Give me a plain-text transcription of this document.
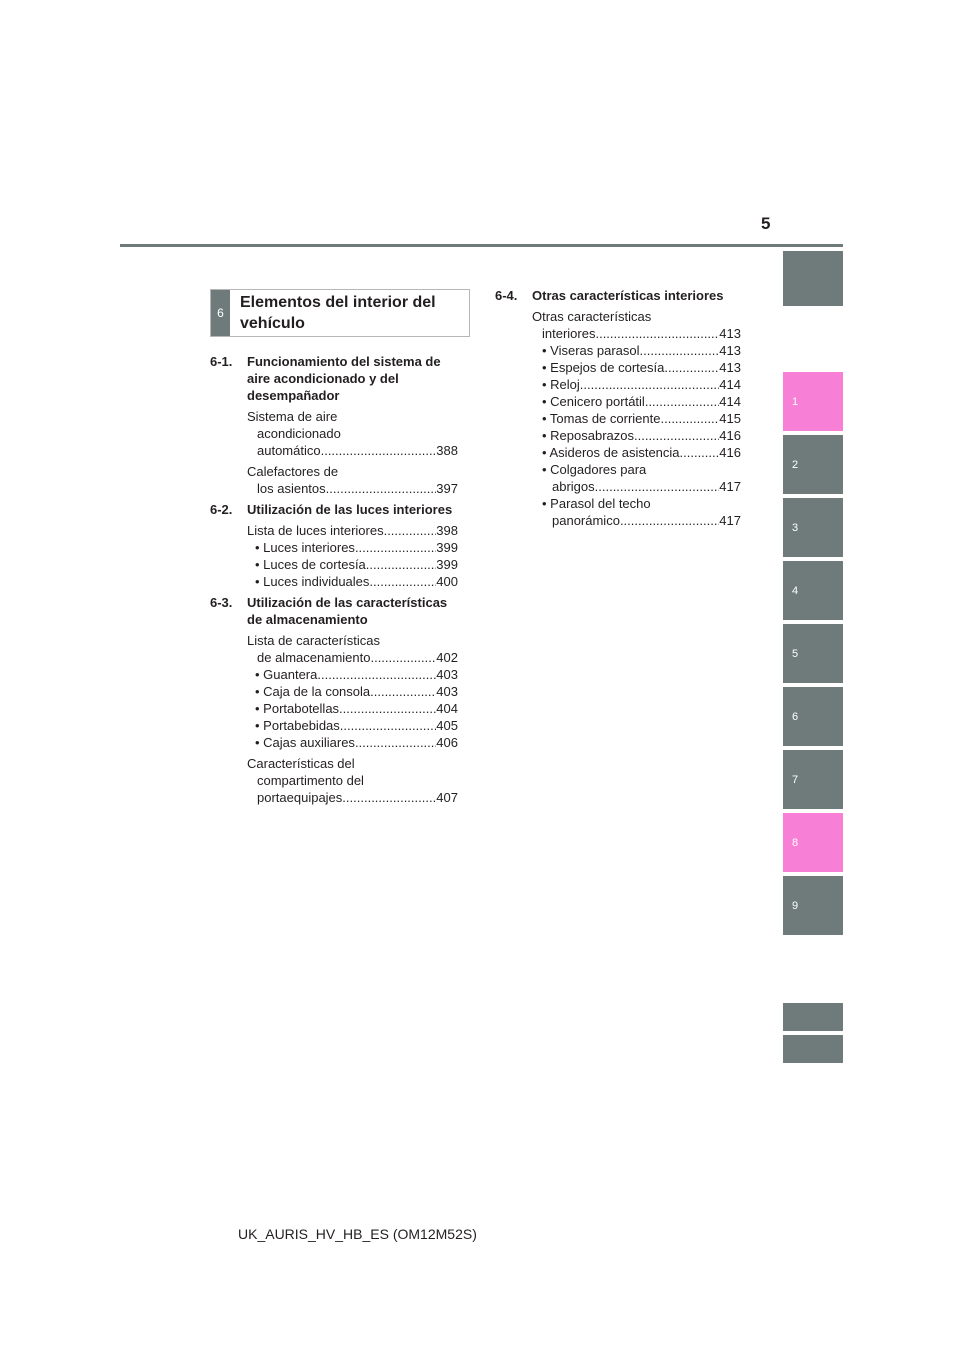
5
1
2
3
4
5
6
7
8
9
6
Elementos del interior del vehículo
6-1.	Funcionamiento del sistema de aire acondicionado y del desempañador
Sistema de aire
acondicionado
automático .....	388
Calefactores de
los asientos .....	397
6-2.	Utilización de las luces interiores
Lista de luces interiores .....	398
• Luces interiores .....	399
• Luces de cortesía .....	399
• Luces individuales .....	400
6-3.	Utilización de las características de almacenamiento
Lista de características
de almacenamiento .....	402
• Guantera .....	403
• Caja de la consola .....	403
• Portabotellas .....	404
• Portabebidas .....	405
• Cajas auxiliares .....	406
Características del
compartimento del
portaequipajes .....	407
6-4.	Otras características interiores
Otras características
interiores .....	413
• Viseras parasol .....	413
• Espejos de cortesía .....	413
• Reloj .....	414
• Cenicero portátil .....	414
• Tomas de corriente .....	415
• Reposabrazos .....	416
• Asideros de asistencia .....	416
• Colgadores para
abrigos .....	417
• Parasol del techo
panorámico .....	417
UK_AURIS_HV_HB_ES (OM12M52S)
